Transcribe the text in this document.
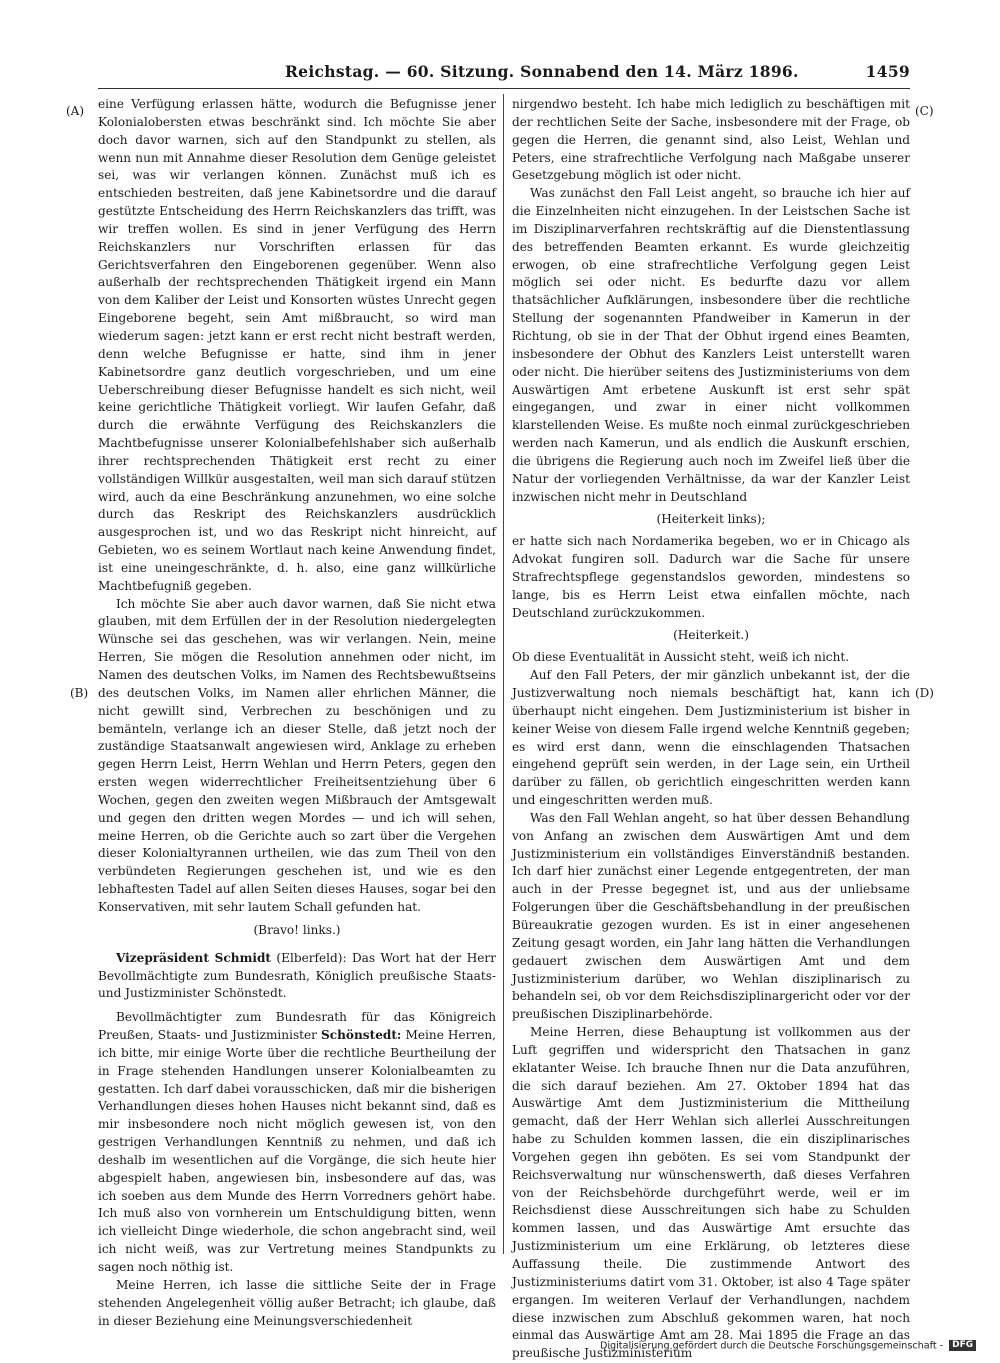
Reichstag. — 60. Sitzung. Sonnabend den 14. März 1896.	1459
(A)
(B)
(C)
(D)

eine Verfügung erlassen hätte, wodurch die Befugnisse jener Kolonialobersten etwas beschränkt sind. Ich möchte Sie aber doch davor warnen, sich auf den Standpunkt zu stellen, als wenn nun mit Annahme dieser Resolution dem Genüge geleistet sei, was wir verlangen können. Zunächst muß ich es entschieden bestreiten, daß jene Kabinetsordre und die darauf gestützte Entscheidung des Herrn Reichskanzlers das trifft, was wir treffen wollen. Es sind in jener Verfügung des Herrn Reichskanzlers nur Vorschriften erlassen für das Gerichtsverfahren den Eingeborenen gegenüber. Wenn also außerhalb der rechtsprechenden Thätigkeit irgend ein Mann von dem Kaliber der Leist und Konsorten wüstes Unrecht gegen Eingeborene begeht, sein Amt mißbraucht, so wird man wiederum sagen: jetzt kann er erst recht nicht bestraft werden, denn welche Befugnisse er hatte, sind ihm in jener Kabinetsordre ganz deutlich vorgeschrieben, und um eine Ueberschreibung dieser Befugnisse handelt es sich nicht, weil keine gerichtliche Thätigkeit vorliegt. Wir laufen Gefahr, daß durch die erwähnte Verfügung des Reichskanzlers die Machtbefugnisse unserer Kolonialbefehlshaber sich außerhalb ihrer rechtsprechenden Thätigkeit erst recht zu einer vollständigen Willkür ausgestalten, weil man sich darauf stützen wird, auch da eine Beschränkung anzunehmen, wo eine solche durch das Reskript des Reichskanzlers ausdrücklich ausgesprochen ist, und wo das Reskript nicht hinreicht, auf Gebieten, wo es seinem Wortlaut nach keine Anwendung findet, ist eine uneingeschränkte, d. h. also, eine ganz willkürliche Machtbefugniß gegeben.

Ich möchte Sie aber auch davor warnen, daß Sie nicht etwa glauben, mit dem Erfüllen der in der Resolution niedergelegten Wünsche sei das geschehen, was wir verlangen. Nein, meine Herren, Sie mögen die Resolution annehmen oder nicht, im Namen des deutschen Volks, im Namen des Rechtsbewußtseins des deutschen Volks, im Namen aller ehrlichen Männer, die nicht gewillt sind, Verbrechen zu beschönigen und zu bemänteln, verlange ich an dieser Stelle, daß jetzt noch der zuständige Staatsanwalt angewiesen wird, Anklage zu erheben gegen Herrn Leist, Herrn Wehlan und Herrn Peters, gegen den ersten wegen widerrechtlicher Freiheitsentziehung über 6 Wochen, gegen den zweiten wegen Mißbrauch der Amtsgewalt und gegen den dritten wegen Mordes — und ich will sehen, meine Herren, ob die Gerichte auch so zart über die Vergehen dieser Kolonialtyrannen urtheilen, wie das zum Theil von den verbündeten Regierungen geschehen ist, und wie es den lebhaftesten Tadel auf allen Seiten dieses Hauses, sogar bei den Konservativen, mit sehr lautem Schall gefunden hat.

(Bravo! links.)

Vizepräsident Schmidt (Elberfeld): Das Wort hat der Herr Bevollmächtigte zum Bundesrath, Königlich preußische Staats- und Justizminister Schönstedt.

Bevollmächtigter zum Bundesrath für das Königreich Preußen, Staats- und Justizminister Schönstedt: Meine Herren, ich bitte, mir einige Worte über die rechtliche Beurtheilung der in Frage stehenden Handlungen unserer Kolonialbeamten zu gestatten. Ich darf dabei vorausschicken, daß mir die bisherigen Verhandlungen dieses hohen Hauses nicht bekannt sind, daß es mir insbesondere noch nicht möglich gewesen ist, von den gestrigen Verhandlungen Kenntniß zu nehmen, und daß ich deshalb im wesentlichen auf die Vorgänge, die sich heute hier abgespielt haben, angewiesen bin, insbesondere auf das, was ich soeben aus dem Munde des Herrn Vorredners gehört habe. Ich muß also von vornherein um Entschuldigung bitten, wenn ich vielleicht Dinge wiederhole, die schon angebracht sind, weil ich nicht weiß, was zur Vertretung meines Standpunkts zu sagen noch nöthig ist.

Meine Herren, ich lasse die sittliche Seite der in Frage stehenden Angelegenheit völlig außer Betracht; ich glaube, daß in dieser Beziehung eine Meinungsverschiedenheit

nirgendwo besteht. Ich habe mich lediglich zu beschäftigen mit der rechtlichen Seite der Sache, insbesondere mit der Frage, ob gegen die Herren, die genannt sind, also Leist, Wehlan und Peters, eine strafrechtliche Verfolgung nach Maßgabe unserer Gesetzgebung möglich ist oder nicht.

Was zunächst den Fall Leist angeht, so brauche ich hier auf die Einzelnheiten nicht einzugehen. In der Leistschen Sache ist im Disziplinarverfahren rechtskräftig auf die Dienstentlassung des betreffenden Beamten erkannt. Es wurde gleichzeitig erwogen, ob eine strafrechtliche Verfolgung gegen Leist möglich sei oder nicht. Es bedurfte dazu vor allem thatsächlicher Aufklärungen, insbesondere über die rechtliche Stellung der sogenannten Pfandweiber in Kamerun in der Richtung, ob sie in der That der Obhut irgend eines Beamten, insbesondere der Obhut des Kanzlers Leist unterstellt waren oder nicht. Die hierüber seitens des Justizministeriums von dem Auswärtigen Amt erbetene Auskunft ist erst sehr spät eingegangen, und zwar in einer nicht vollkommen klarstellenden Weise. Es mußte noch einmal zurückgeschrieben werden nach Kamerun, und als endlich die Auskunft erschien, die übrigens die Regierung auch noch im Zweifel ließ über die Natur der vorliegenden Verhältnisse, da war der Kanzler Leist inzwischen nicht mehr in Deutschland

(Heiterkeit links);

er hatte sich nach Nordamerika begeben, wo er in Chicago als Advokat fungiren soll. Dadurch war die Sache für unsere Strafrechtspflege gegenstandslos geworden, mindestens so lange, bis es Herrn Leist etwa einfallen möchte, nach Deutschland zurückzukommen.

(Heiterkeit.)

Ob diese Eventualität in Aussicht steht, weiß ich nicht.

Auf den Fall Peters, der mir gänzlich unbekannt ist, der die Justizverwaltung noch niemals beschäftigt hat, kann ich überhaupt nicht eingehen. Dem Justizministerium ist bisher in keiner Weise von diesem Falle irgend welche Kenntniß gegeben; es wird erst dann, wenn die einschlagenden Thatsachen eingehend geprüft sein werden, in der Lage sein, ein Urtheil darüber zu fällen, ob gerichtlich eingeschritten werden kann und eingeschritten werden muß.

Was den Fall Wehlan angeht, so hat über dessen Behandlung von Anfang an zwischen dem Auswärtigen Amt und dem Justizministerium ein vollständiges Einverständniß bestanden. Ich darf hier zunächst einer Legende entgegentreten, der man auch in der Presse begegnet ist, und aus der unliebsame Folgerungen über die Geschäftsbehandlung in der preußischen Büreaukratie gezogen wurden. Es ist in einer angesehenen Zeitung gesagt worden, ein Jahr lang hätten die Verhandlungen gedauert zwischen dem Auswärtigen Amt und dem Justizministerium darüber, wo Wehlan disziplinarisch zu behandeln sei, ob vor dem Reichsdisziplinargericht oder vor der preußischen Disziplinarbehörde.

Meine Herren, diese Behauptung ist vollkommen aus der Luft gegriffen und widerspricht den Thatsachen in ganz eklatanter Weise. Ich brauche Ihnen nur die Data anzuführen, die sich darauf beziehen. Am 27. Oktober 1894 hat das Auswärtige Amt dem Justizministerium die Mittheilung gemacht, daß der Herr Wehlan sich allerlei Ausschreitungen habe zu Schulden kommen lassen, die ein disziplinarisches Vorgehen gegen ihn geböten. Es sei vom Standpunkt der Reichsverwaltung nur wünschenswerth, daß dieses Verfahren von der Reichsbehörde durchgeführt werde, weil er im Reichsdienst diese Ausschreitungen sich habe zu Schulden kommen lassen, und das Auswärtige Amt ersuchte das Justizministerium um eine Erklärung, ob letzteres diese Auffassung theile. Die zustimmende Antwort des Justizministeriums datirt vom 31. Oktober, ist also 4 Tage später ergangen. Im weiteren Verlauf der Verhandlungen, nachdem diese inzwischen zum Abschluß gekommen waren, hat noch einmal das Auswärtige Amt am 28. Mai 1895 die Frage an das preußische Justizministerium

Digitalisierung gefördert durch die Deutsche Forschungsgemeinschaft - DFG
